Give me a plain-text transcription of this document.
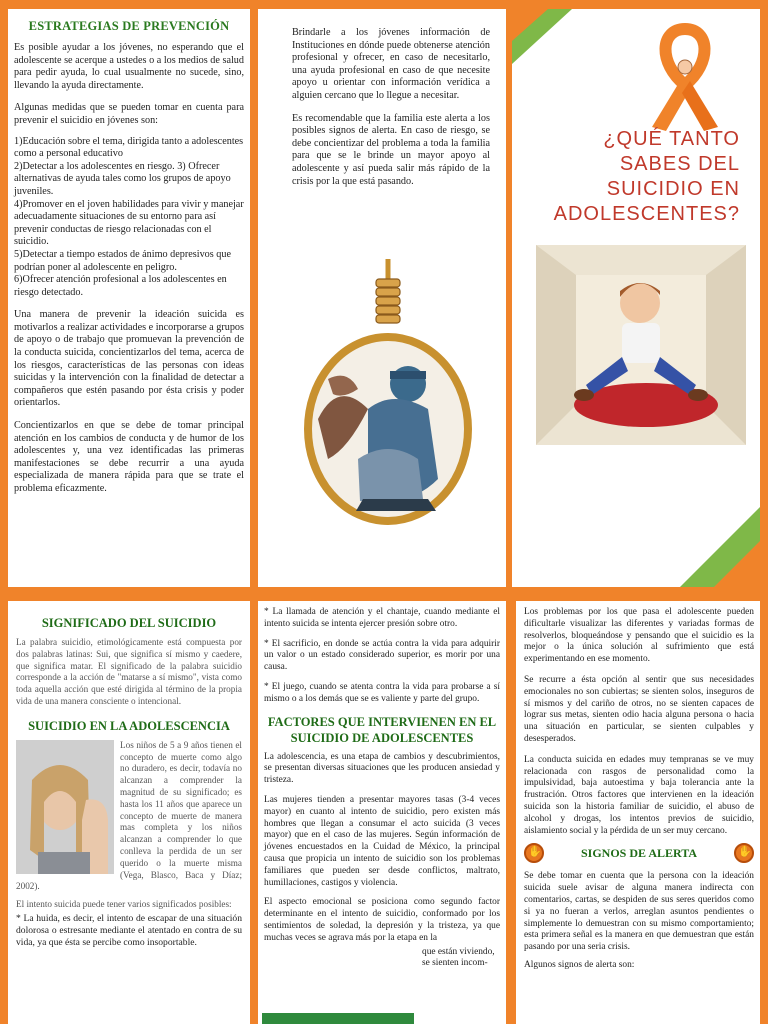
ESTRATEGIAS DE PREVENCIÓN

Es posible ayudar a los jóvenes, no esperando que el adolescente se acerque a ustedes o a los medios de salud para pedir ayuda, lo cual usualmente no sucede, sino, llevando la ayuda directamente.

Algunas medidas que se pueden tomar en cuenta para prevenir el suicidio en jóvenes son:

1)Educación sobre el tema, dirigida tanto a adolescentes como a personal educativo

2)Detectar a los adolescentes en riesgo. 3) Ofrecer alternativas de ayuda tales como los grupos de apoyo juveniles.

4)Promover en el joven habilidades para vivir y manejar adecuadamente situaciones de su entorno para así prevenir conductas de riesgo relacionadas con el suicidio.

5)Detectar a tiempo estados de ánimo depresivos que podrían poner al adolescente en peligro.

6)Ofrecer atención profesional a los adolescentes en riesgo detectado.

Una manera de prevenir la ideación suicida es motivarlos a realizar actividades e incorporarse a grupos de apoyo o de trabajo que promuevan la prevención de la conducta suicida, concientizarlos del tema, acerca de los riesgos, características de las personas con ideas suicidas y la intervención con la finalidad de detectar a compañeros que estén pasando por ésta crisis y poder orientarlos.

Concientizarlos en que se debe de tomar principal atención en los cambios de conducta y de humor de los adolescentes y, una vez identificadas las primeras manifestaciones se debe recurrir a una ayuda especializada de manera rápida para que se trate el problema eficazmente.

Brindarle a los jóvenes información de Instituciones en dónde puede obtenerse atención profesional y ofrecer, en caso de necesitarlo, una ayuda profesional en caso de que necesite apoyo u orientar con información verídica a alguien cercano que lo llegue a necesitar.

Es recomendable que la familia este alerta a los posibles signos de alerta. En caso de riesgo, se debe concientizar del problema a toda la familia para que se le brinde un mayor apoyo al adolescente y así pueda salir más rápido de la crisis por la que está pasando.

¿QUÉ TANTO
SABES DEL
SUICIDIO EN
ADOLESCENTES?
SIGNIFICADO DEL SUICIDIO

La palabra suicidio, etimológicamente está compuesta por dos palabras latinas: Sui, que significa sí mismo y caedere, que significa matar. El significado de la palabra suicidio corresponde a la acción de "matarse a sí mismo", vista como toda aquella acción que esté dirigida al término de la propia vida de una manera consciente o intencional.

SUICIDIO EN LA ADOLESCENCIA

Los niños de 5 a 9 años tienen el concepto de muerte como algo no duradero, es decir, todavía no alcanzan a comprender la magnitud de su significado; es hasta los 11 años que aparece un concepto de muerte de manera mas completa y los niños alcanzan a comprender lo que conlleva la perdida de un ser querido o la muerte misma (Vega, Blasco, Baca y Díaz; 2002).

El intento suicida puede tener varios significados posibles:

* La huida, es decir, el intento de escapar de una situación dolorosa o estresante mediante el atentado en contra de su vida, ya que ésta se percibe como insoportable.

* La llamada de atención y el chantaje, cuando mediante el intento suicida se intenta ejercer presión sobre otro.

* El sacrificio, en donde se actúa contra la vida para adquirir un valor o un estado considerado superior, es morir por una causa.

* El juego, cuando se atenta contra la vida para probarse a sí mismo o a los demás que se es valiente y parte del grupo.

FACTORES QUE INTERVIENEN EN EL SUICIDIO DE ADOLESCENTES

La adolescencia, es una etapa de cambios y descubrimientos, se presentan diversas situaciones que les producen ansiedad y tristeza.

Las mujeres tienden a presentar mayores tasas (3-4 veces mayor) en cuanto al intento de suicidio, pero existen más hombres que llegan a consumar el acto suicida (3 veces mayor) que en el caso de las mujeres. Según información de jóvenes encuestados en la Cuidad de México, la principal causa que propicia un intento de suicidio son los problemas familiares que pueden ser desde conflictos, maltrato, humillaciones, castigos y violencia.

El aspecto emocional se posiciona como segundo factor determinante en el intento de suicidio, conformado por los sentimientos de soledad, la depresión y la tristeza, ya que muchas veces se agrava más por la etapa en la

que están viviendo, se sienten incom-

Los problemas por los que pasa el adolescente pueden dificultarle visualizar las diferentes y variadas formas de resolverlos, bloqueándose y pensando que el suicidio es la mejor o la única solución al sufrimiento que está experimentando en ese momento.

Se recurre a ésta opción al sentir que sus necesidades emocionales no son cubiertas; se sienten solos, inseguros de sí mismos y del cariño de otros, no se sienten capaces de lograr sus metas, sienten odio hacia alguna persona o hacia una situación en particular, se sienten culpables y desesperados.

La conducta suicida en edades muy tempranas se ve muy relacionada con rasgos de personalidad como la impulsividad, baja autoestima y baja tolerancia ante la frustración. Otros factores que intervienen en la ideación suicida son la historia familiar de suicidio, el abuso de alcohol y drogas, los intentos previos de suicidio, aislamiento social y la pérdida de un ser muy cercano.

✋
SIGNOS DE ALERTA
✋

Se debe tomar en cuenta que la persona con la ideación suicida suele avisar de alguna manera indirecta con comentarios, cartas, se despiden de sus seres queridos como si ya no fueran a verlos, arreglan asuntos pendientes o simplemente lo demuestran con su mismo comportamiento; esta primera señal es la manera en que demuestran que están pasando por una seria crisis.

Algunos signos de alerta son:
